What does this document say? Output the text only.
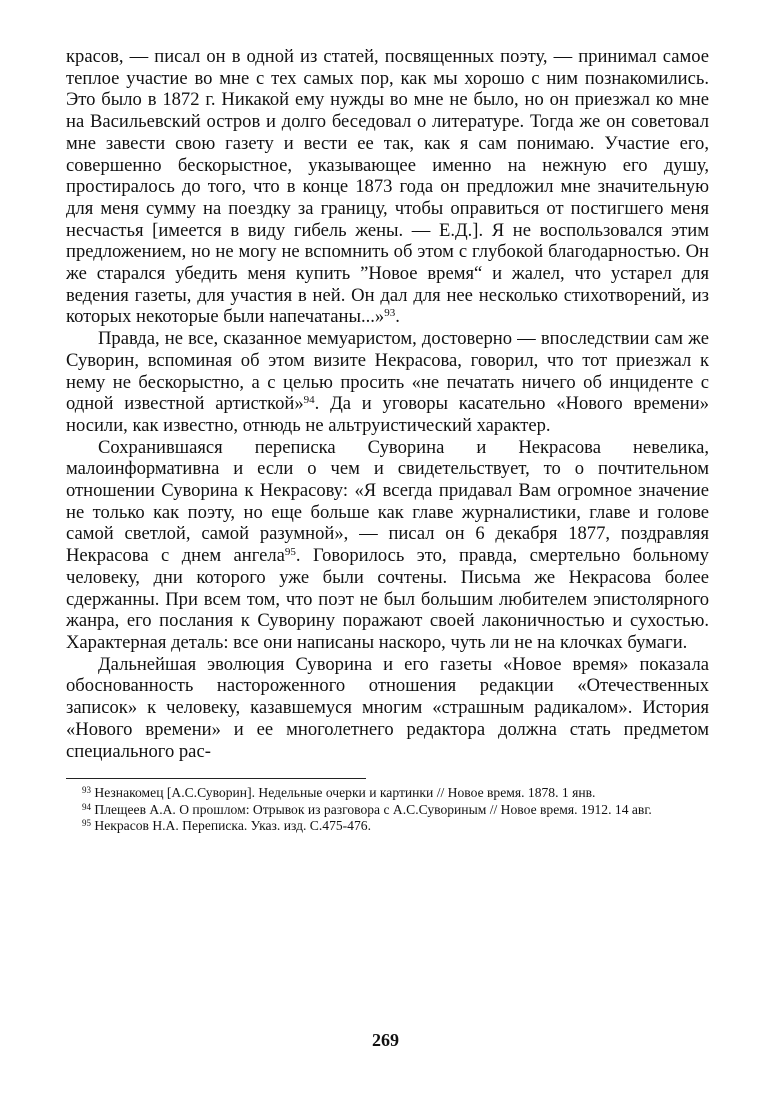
красов, — писал он в одной из статей, посвященных поэту, — принимал самое теплое участие во мне с тех самых пор, как мы хорошо с ним познакомились. Это было в 1872 г. Никакой ему нужды во мне не было, но он приезжал ко мне на Васильевский остров и долго беседовал о литературе. Тогда же он советовал мне завести свою газету и вести ее так, как я сам понимаю. Участие его, совершенно бескорыстное, указывающее именно на нежную его душу, простиралось до того, что в конце 1873 года он предложил мне значительную для меня сумму на поездку за границу, чтобы оправиться от постигшего меня несчастья [имеется в виду гибель жены. — Е.Д.]. Я не воспользовался этим предложением, но не могу не вспомнить об этом с глубокой благодарностью. Он же старался убедить меня купить ”Новое время“ и жалел, что устарел для ведения газеты, для участия в ней. Он дал для нее несколько стихотворений, из которых некоторые были напечатаны...»$^{93}$.

Правда, не все, сказанное мемуаристом, достоверно — впоследствии сам же Суворин, вспоминая об этом визите Некрасова, говорил, что тот приезжал к нему не бескорыстно, а с целью просить «не печатать ничего об инциденте с одной известной артисткой»$^{94}$. Да и уговоры касательно «Нового времени» носили, как известно, отнюдь не альтруистический характер.

Сохранившаяся переписка Суворина и Некрасова невелика, малоинформативна и если о чем и свидетельствует, то о почтительном отношении Суворина к Некрасову: «Я всегда придавал Вам огромное значение не только как поэту, но еще больше как главе журналистики, главе и голове самой светлой, самой разумной», — писал он 6 декабря 1877, поздравляя Некрасова с днем ангела$^{95}$. Говорилось это, правда, смертельно больному человеку, дни которого уже были сочтены. Письма же Некрасова более сдержанны. При всем том, что поэт не был большим любителем эпистолярного жанра, его послания к Суворину поражают своей лаконичностью и сухостью. Характерная деталь: все они написаны наскоро, чуть ли не на клочках бумаги.

Дальнейшая эволюция Суворина и его газеты «Новое время» показала обоснованность настороженного отношения редакции «Отечественных записок» к человеку, казавшемуся многим «страшным радикалом». История «Нового времени» и ее многолетнего редактора должна стать предметом специального рас-

$^{93}$ Незнакомец [А.С.Суворин]. Недельные очерки и картинки // Новое время. 1878. 1 янв.

$^{94}$ Плещеев А.А. О прошлом: Отрывок из разговора с А.С.Сувориным // Новое время. 1912. 14 авг.

$^{95}$ Некрасов Н.А. Переписка. Указ. изд. С.475-476.

269
